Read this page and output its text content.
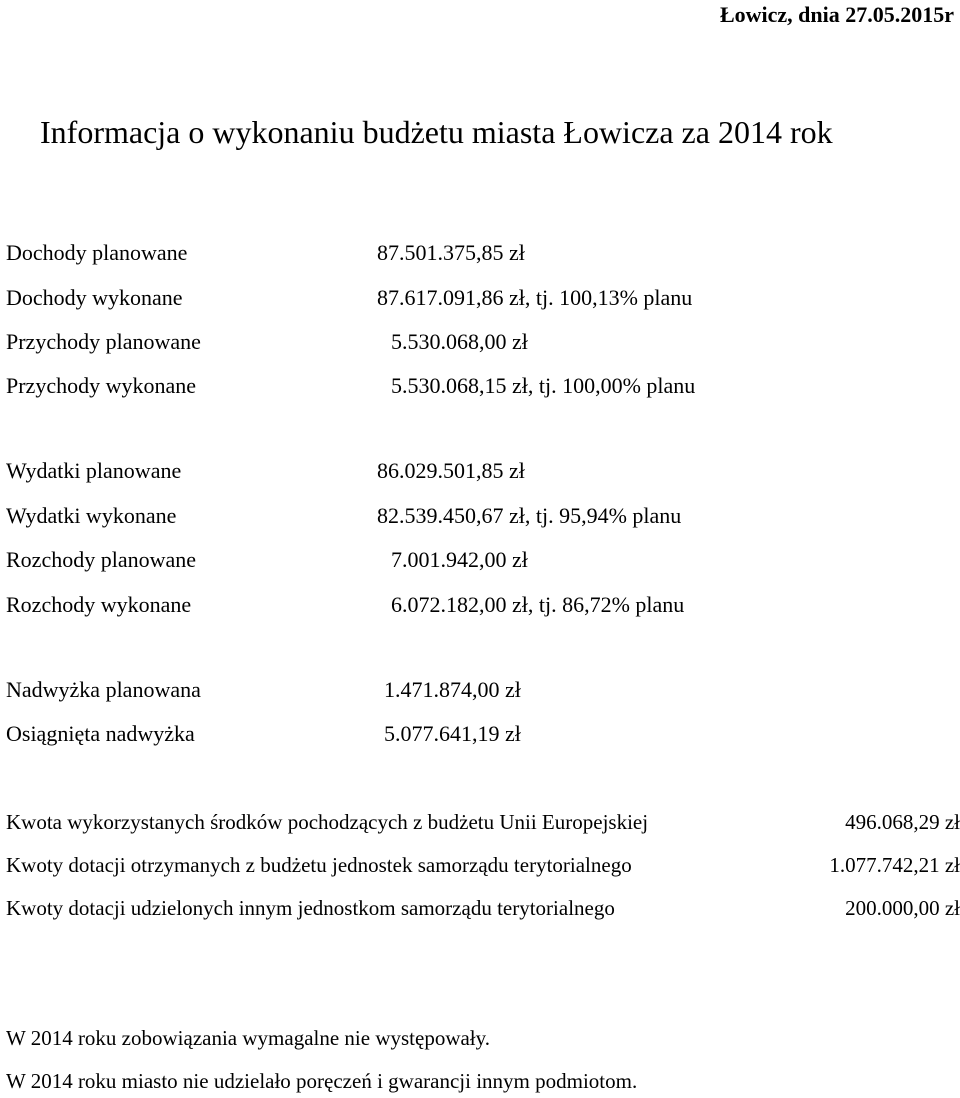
Łowicz, dnia 27.05.2015r
Informacja o wykonaniu budżetu miasta Łowicza za 2014 rok
Dochody planowane	87.501.375,85 zł
Dochody wykonane	87.617.091,86 zł, tj. 100,13% planu
Przychody planowane	5.530.068,00 zł
Przychody wykonane	5.530.068,15 zł, tj. 100,00% planu
Wydatki planowane	86.029.501,85 zł
Wydatki wykonane	82.539.450,67 zł, tj. 95,94% planu
Rozchody planowane	7.001.942,00 zł
Rozchody wykonane	6.072.182,00 zł, tj. 86,72% planu
Nadwyżka planowana	1.471.874,00 zł
Osiągnięta nadwyżka	5.077.641,19 zł
Kwota wykorzystanych środków pochodzących z budżetu Unii Europejskiej	496.068,29 zł
Kwoty dotacji otrzymanych z budżetu jednostek samorządu terytorialnego	1.077.742,21 zł
Kwoty dotacji udzielonych innym jednostkom samorządu terytorialnego	200.000,00 zł
W 2014 roku zobowiązania wymagalne nie występowały.
W 2014 roku miasto nie udzielało poręczeń i gwarancji innym podmiotom.
